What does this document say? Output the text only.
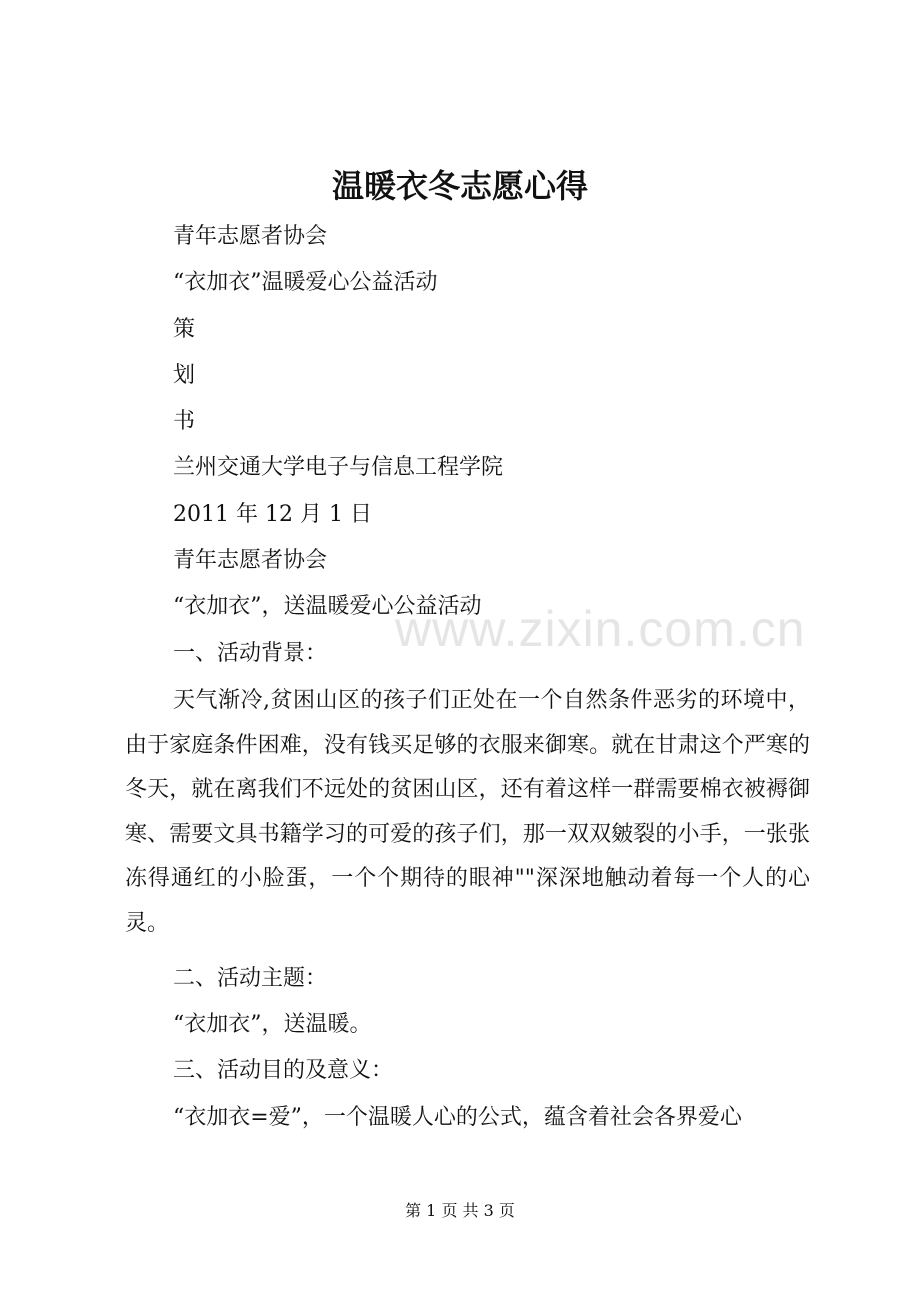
温暖衣冬志愿心得
青年志愿者协会
“衣加衣”温暖爱心公益活动
策
划
书
兰州交通大学电子与信息工程学院
2011 年 12 月 1 日
青年志愿者协会
“衣加衣”，送温暖爱心公益活动
一、活动背景：
天气渐冷,贫困山区的孩子们正处在一个自然条件恶劣的环境中，由于家庭条件困难，没有钱买足够的衣服来御寒。就在甘肃这个严寒的冬天，就在离我们不远处的贫困山区，还有着这样一群需要棉衣被褥御寒、需要文具书籍学习的可爱的孩子们，那一双双皴裂的小手，一张张冻得通红的小脸蛋，一个个期待的眼神""深深地触动着每一个人的心灵。
二、活动主题：
“衣加衣”，送温暖。
三、活动目的及意义：
“衣加衣=爱”，一个温暖人心的公式，蕴含着社会各界爱心
www.zixin.com.cn
第 1 页 共 3 页
